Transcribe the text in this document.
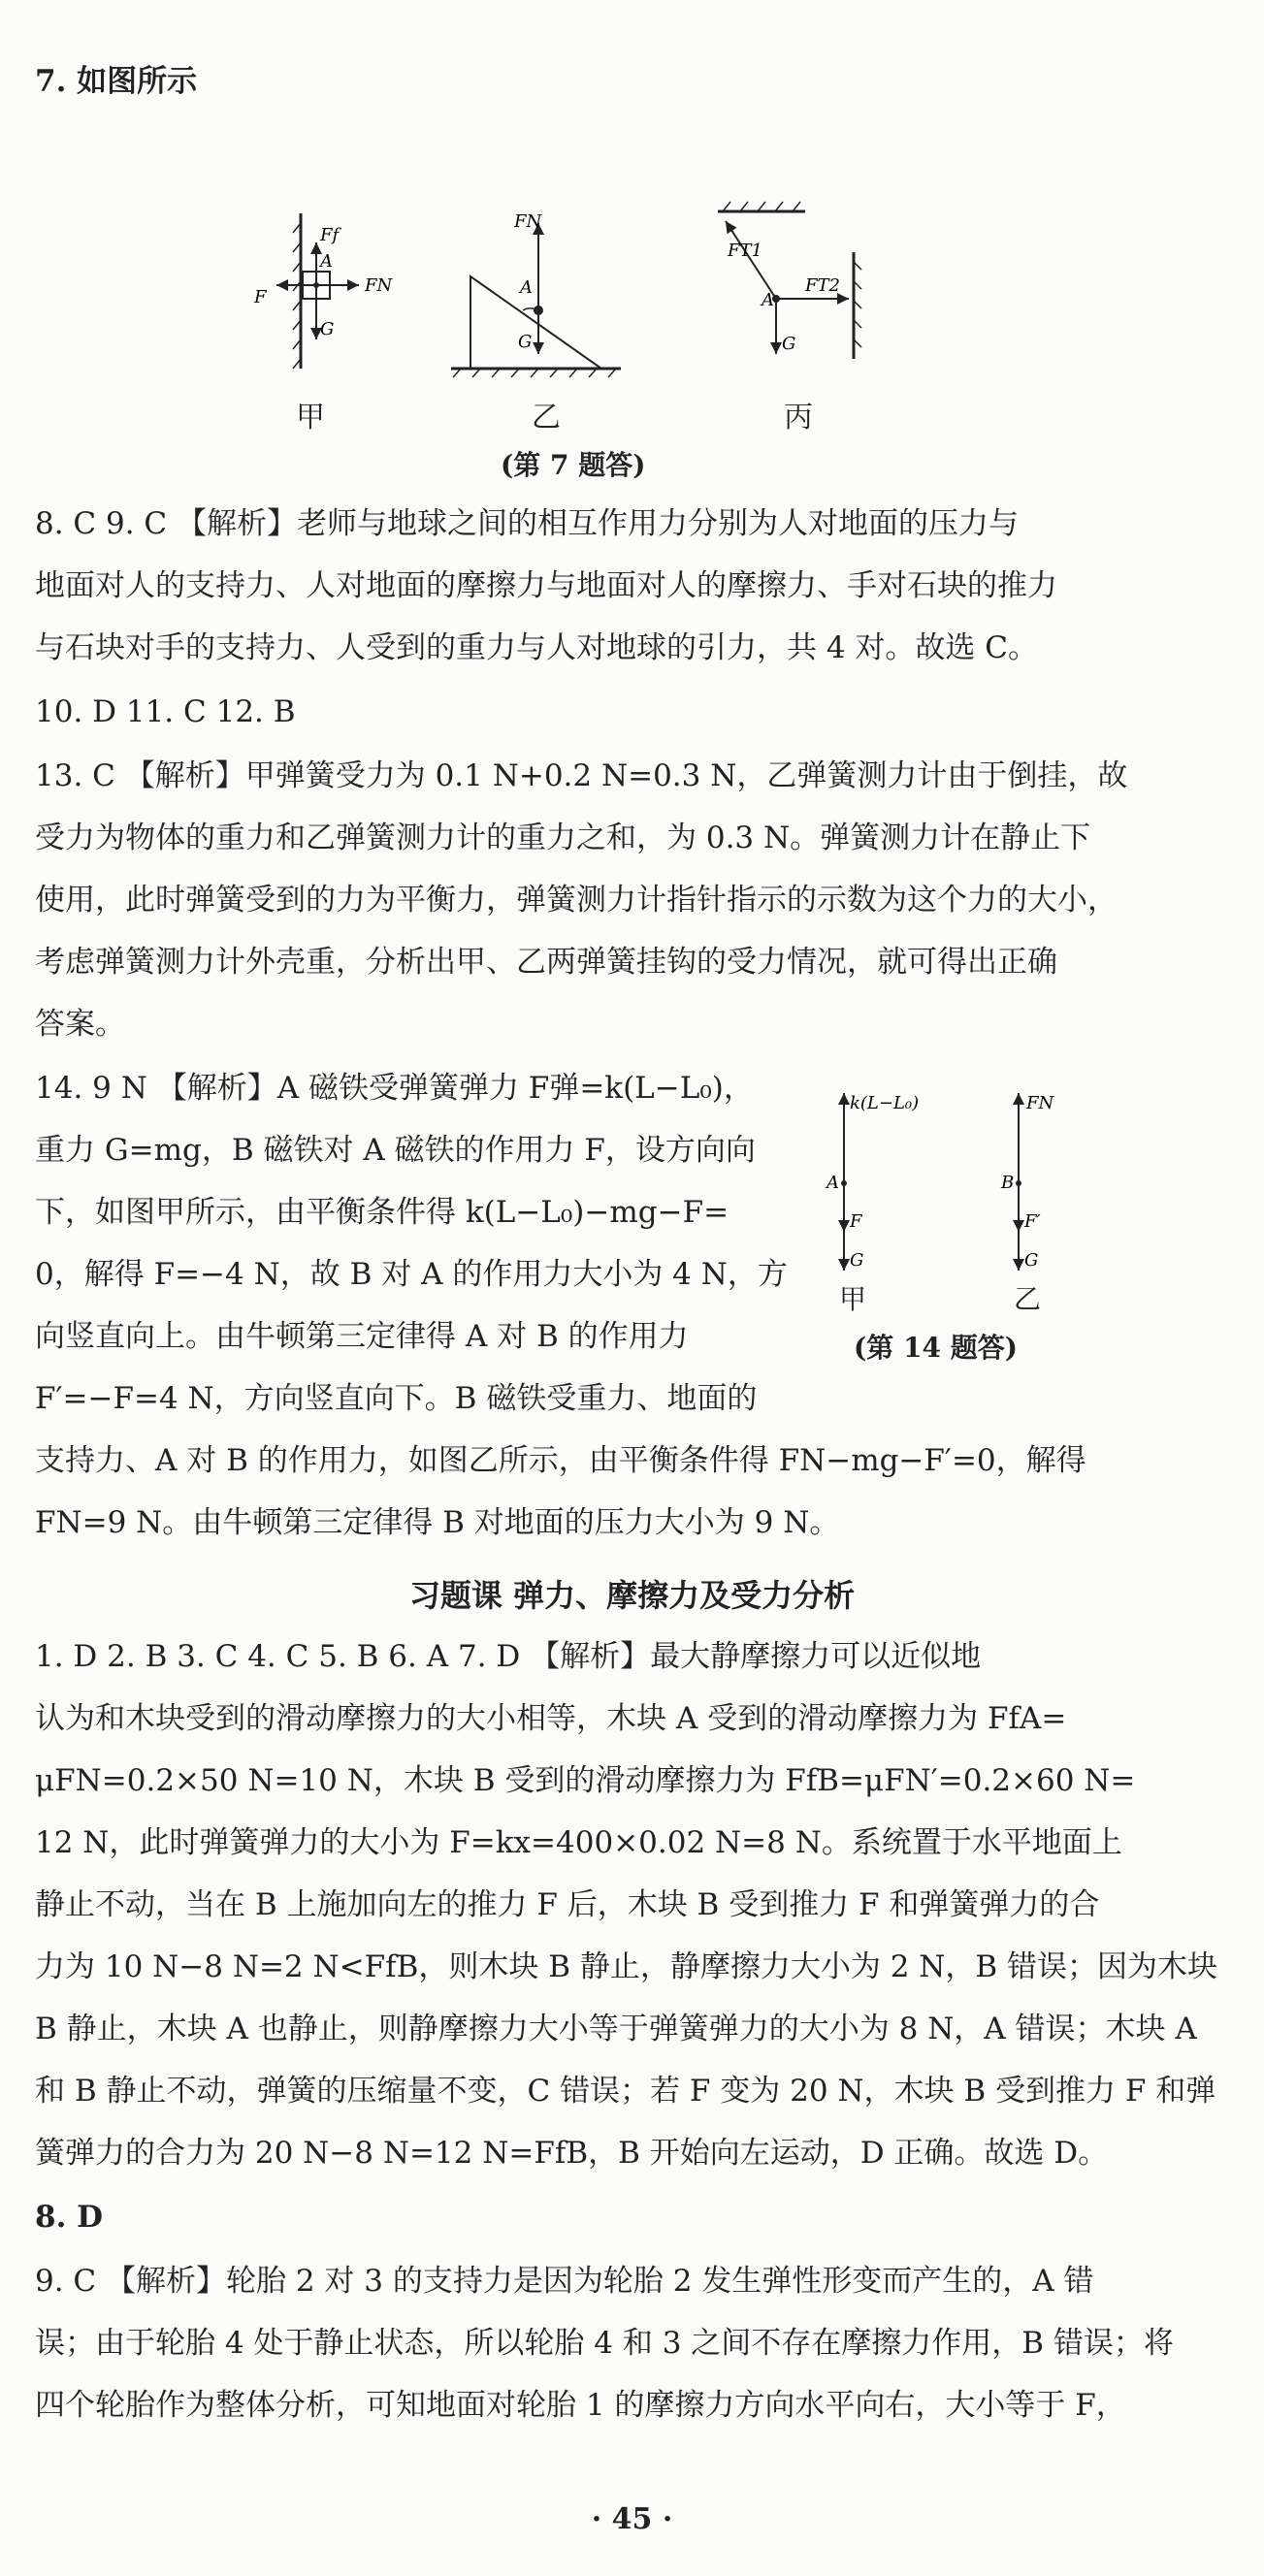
7. 如图所示
Ff
A
FN
F
G
FN
A
G
FT1
A
FT2
G
甲	乙	丙
(第 7 题答)
8. C 9. C 【解析】老师与地球之间的相互作用力分别为人对地面的压力与
地面对人的支持力、人对地面的摩擦力与地面对人的摩擦力、手对石块的推力
与石块对手的支持力、人受到的重力与人对地球的引力，共 4 对。故选 C。
10. D 11. C 12. B
13. C 【解析】甲弹簧受力为 0.1 N+0.2 N=0.3 N，乙弹簧测力计由于倒挂，故
受力为物体的重力和乙弹簧测力计的重力之和，为 0.3 N。弹簧测力计在静止下
使用，此时弹簧受到的力为平衡力，弹簧测力计指针指示的示数为这个力的大小，
考虑弹簧测力计外壳重，分析出甲、乙两弹簧挂钩的受力情况，就可得出正确
答案。
14. 9 N 【解析】A 磁铁受弹簧弹力 F弹=k(L−L₀)，
重力 G=mg，B 磁铁对 A 磁铁的作用力 F，设方向向
下，如图甲所示，由平衡条件得 k(L−L₀)−mg−F=
0，解得 F=−4 N，故 B 对 A 的作用力大小为 4 N，方
向竖直向上。由牛顿第三定律得 A 对 B 的作用力
F′=−F=4 N，方向竖直向下。B 磁铁受重力、地面的
支持力、A 对 B 的作用力，如图乙所示，由平衡条件得 FN−mg−F′=0，解得
FN=9 N。由牛顿第三定律得 B 对地面的压力大小为 9 N。
k(L−L₀)
A
F
G
FN
B
F′
G
甲	乙
(第 14 题答)
习题课 弹力、摩擦力及受力分析
1. D 2. B 3. C 4. C 5. B 6. A 7. D 【解析】最大静摩擦力可以近似地
认为和木块受到的滑动摩擦力的大小相等，木块 A 受到的滑动摩擦力为 FfA=
μFN=0.2×50 N=10 N，木块 B 受到的滑动摩擦力为 FfB=μFN′=0.2×60 N=
12 N，此时弹簧弹力的大小为 F=kx=400×0.02 N=8 N。系统置于水平地面上
静止不动，当在 B 上施加向左的推力 F 后，木块 B 受到推力 F 和弹簧弹力的合
力为 10 N−8 N=2 N<FfB，则木块 B 静止，静摩擦力大小为 2 N，B 错误；因为木块
B 静止，木块 A 也静止，则静摩擦力大小等于弹簧弹力的大小为 8 N，A 错误；木块 A
和 B 静止不动，弹簧的压缩量不变，C 错误；若 F 变为 20 N，木块 B 受到推力 F 和弹
簧弹力的合力为 20 N−8 N=12 N=FfB，B 开始向左运动，D 正确。故选 D。
8. D
9. C 【解析】轮胎 2 对 3 的支持力是因为轮胎 2 发生弹性形变而产生的，A 错
误；由于轮胎 4 处于静止状态，所以轮胎 4 和 3 之间不存在摩擦力作用，B 错误；将
四个轮胎作为整体分析，可知地面对轮胎 1 的摩擦力方向水平向右，大小等于 F，
· 45 ·
